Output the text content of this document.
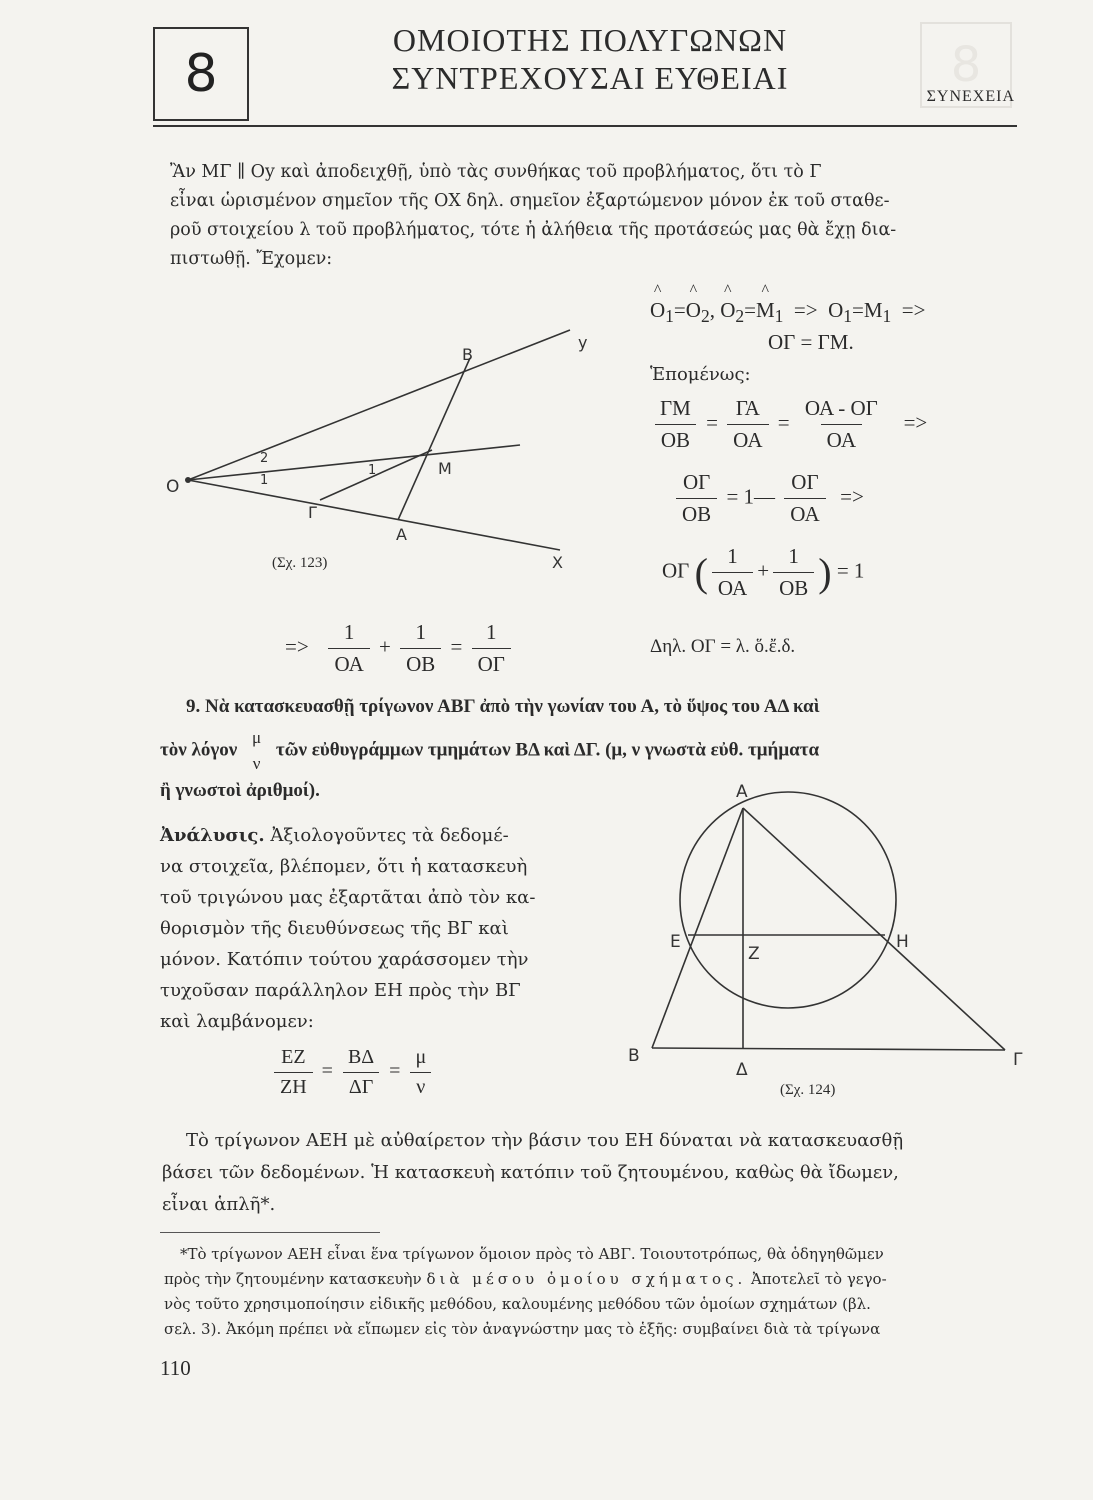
8	8
ΟΜΟΙΟΤΗΣ ΠΟΛΥΓΩΝΩΝ
ΣΥΝΤΡΕΧΟΥΣΑΙ ΕΥΘΕΙΑΙ
ΣΥΝΕΧΕΙΑ
Ἂν ΜΓ ∥ Oy καὶ ἀποδειχθῇ, ὑπὸ τὰς συνθήκας τοῦ προβλήματος, ὅτι τὸ Γ
εἶναι ὡρισμένον σημεῖον τῆς ΟΧ δηλ. σημεῖον ἐξαρτώμενον μόνον ἐκ τοῦ σταθε-
ροῦ στοιχείου λ τοῦ προβλήματος, τότε ἡ ἀλήθεια τῆς προτάσεώς μας θὰ ἔχῃ δια-
πιστωθῇ. Ἔχομεν:
O
B
y
M
Γ
A
X
2
1
1
(Σχ. 123)
^ $O_1=\^{}$ $O_2$, ^ $O_2=\^{}$ $M_1 => O_1=M_1$ =>
ΟΓ = ΓΜ.
Ἑπομένως:
$\frac{\Gamma M}{OB} = \frac{\Gamma A}{OA} = \frac{OA - O\Gamma}{OA}$ =>
$\frac{O\Gamma}{OB}$ = 1— $\frac{O\Gamma}{OA}$ =>
ΟΓ ( $\frac{1}{OA} + \frac{1}{OB}$ ) = 1
=> $\frac{1}{OA} + \frac{1}{OB} = \frac{1}{O\Gamma}$	Δηλ. ΟΓ = λ. ὅ.ἔ.δ.
9. Νὰ κατασκευασθῇ τρίγωνον ΑΒΓ ἀπὸ τὴν γωνίαν του Α, τὸ ὕψος του ΑΔ καὶ
τὸν λόγον
μ
ν
τῶν εὐθυγράμμων τμημάτων ΒΔ καὶ ΔΓ. (μ, ν γνωστὰ εὐθ. τμήματα
ἢ γνωστοὶ ἀριθμοί).
Ἀνάλυσις. Ἀξιολογοῦντες τὰ δεδομέ-
να στοιχεῖα, βλέπομεν, ὅτι ἡ κατασκευὴ
τοῦ τριγώνου μας ἐξαρτᾶται ἀπὸ τὸν κα-
θορισμὸν τῆς διευθύνσεως τῆς ΒΓ καὶ
μόνον. Κατόπιν τούτου χαράσσομεν τὴν
τυχοῦσαν παράλληλον ΕΗ πρὸς τὴν ΒΓ
καὶ λαμβάνομεν:
$\frac{EZ}{ZH} = \frac{B\Delta}{\Delta\Gamma} = \frac{\mu}{\nu}$
A
E
Z
H
B
Δ	Γ
(Σχ. 124)
Τὸ τρίγωνον ΑΕΗ μὲ αὐθαίρετον τὴν βάσιν του ΕΗ δύναται νὰ κατασκευασθῇ
βάσει τῶν δεδομένων. Ἡ κατασκευὴ κατόπιν τοῦ ζητουμένου, καθὼς θὰ ἴδωμεν,
εἶναι ἁπλῆ*.
*Τὸ τρίγωνον ΑΕΗ εἶναι ἕνα τρίγωνον ὅμοιον πρὸς τὸ ΑΒΓ. Τοιουτοτρόπως, θὰ ὁδηγηθῶμεν
πρὸς τὴν ζητουμένην κατασκευὴν διὰ μέσου ὁμοίου σχήματος. Ἀποτελεῖ τὸ γεγο-
νὸς τοῦτο χρησιμοποίησιν εἰδικῆς μεθόδου, καλουμένης μεθόδου τῶν ὁμοίων σχημάτων (βλ.
σελ. 3). Ἀκόμη πρέπει νὰ εἴπωμεν εἰς τὸν ἀναγνώστην μας τὸ ἑξῆς: συμβαίνει διὰ τὰ τρίγωνα
110
